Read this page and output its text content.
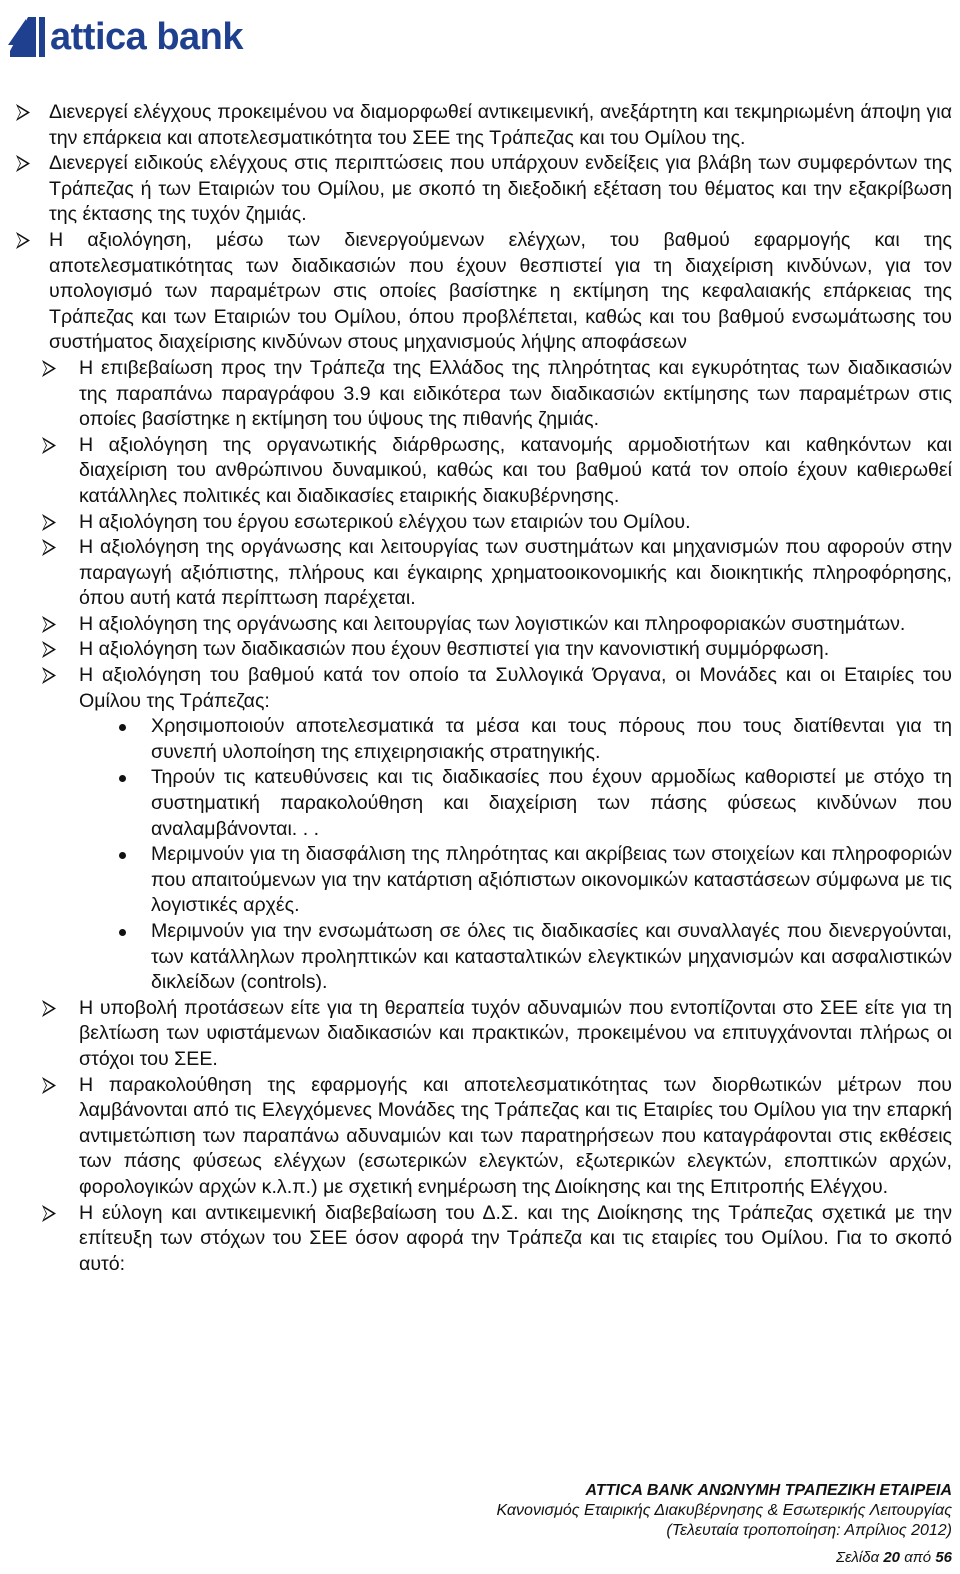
attica bank
Διενεργεί ελέγχους προκειμένου να διαμορφωθεί αντικειμενική, ανεξάρτητη και τεκμηριωμένη άποψη για την επάρκεια και αποτελεσματικότητα του ΣΕΕ της Τράπεζας και του Ομίλου της.
Διενεργεί ειδικούς ελέγχους στις περιπτώσεις που υπάρχουν ενδείξεις για βλάβη των συμφερόντων της Τράπεζας ή των Εταιριών του Ομίλου, με σκοπό τη διεξοδική εξέταση του θέματος και την εξακρίβωση της έκτασης της τυχόν ζημιάς.
Η αξιολόγηση, μέσω των διενεργούμενων ελέγχων, του βαθμού εφαρμογής και της αποτελεσματικότητας των διαδικασιών που έχουν θεσπιστεί για τη διαχείριση κινδύνων, για τον υπολογισμό των παραμέτρων στις οποίες βασίστηκε η εκτίμηση της κεφαλαιακής επάρκειας της Τράπεζας και των Εταιριών του Ομίλου, όπου προβλέπεται, καθώς και του βαθμού ενσωμάτωσης του συστήματος διαχείρισης κινδύνων στους μηχανισμούς λήψης αποφάσεων
Η επιβεβαίωση προς την Τράπεζα της Ελλάδος της πληρότητας και εγκυρότητας των διαδικασιών της παραπάνω παραγράφου 3.9 και ειδικότερα των διαδικασιών εκτίμησης των παραμέτρων στις οποίες βασίστηκε η εκτίμηση του ύψους της πιθανής ζημιάς.
Η αξιολόγηση της οργανωτικής διάρθρωσης, κατανομής αρμοδιοτήτων και καθηκόντων και διαχείριση του ανθρώπινου δυναμικού, καθώς και του βαθμού κατά τον οποίο έχουν καθιερωθεί κατάλληλες πολιτικές και διαδικασίες εταιρικής διακυβέρνησης.
Η αξιολόγηση του έργου εσωτερικού ελέγχου των εταιριών του Ομίλου.
Η αξιολόγηση της οργάνωσης και λειτουργίας των συστημάτων και μηχανισμών που αφορούν στην παραγωγή αξιόπιστης, πλήρους και έγκαιρης χρηματοοικονομικής και διοικητικής πληροφόρησης, όπου αυτή κατά περίπτωση παρέχεται.
Η αξιολόγηση της οργάνωσης και λειτουργίας των λογιστικών και πληροφοριακών συστημάτων.
Η αξιολόγηση των διαδικασιών που έχουν θεσπιστεί για την κανονιστική συμμόρφωση.
Η αξιολόγηση του βαθμού κατά τον οποίο τα Συλλογικά Όργανα, οι Μονάδες και οι Εταιρίες του Ομίλου της Τράπεζας:
Χρησιμοποιούν αποτελεσματικά τα μέσα και τους πόρους που τους διατίθενται για τη συνεπή υλοποίηση της επιχειρησιακής στρατηγικής.
Τηρούν τις κατευθύνσεις και τις διαδικασίες που έχουν αρμοδίως καθοριστεί με στόχο τη συστηματική παρακολούθηση και διαχείριση των πάσης φύσεως κινδύνων που αναλαμβάνονται. . .
Μεριμνούν για τη διασφάλιση της πληρότητας και ακρίβειας των στοιχείων και πληροφοριών που απαιτούμενων για την κατάρτιση αξιόπιστων οικονομικών καταστάσεων σύμφωνα με τις λογιστικές αρχές.
Μεριμνούν για την ενσωμάτωση σε όλες τις διαδικασίες και συναλλαγές που διενεργούνται, των κατάλληλων προληπτικών και κατασταλτικών ελεγκτικών μηχανισμών και ασφαλιστικών δικλείδων (controls).
Η υποβολή προτάσεων είτε για τη θεραπεία τυχόν αδυναμιών που εντοπίζονται στο ΣΕΕ είτε για τη βελτίωση των υφιστάμενων διαδικασιών και πρακτικών, προκειμένου να επιτυγχάνονται πλήρως οι στόχοι του ΣΕΕ.
Η παρακολούθηση της εφαρμογής και αποτελεσματικότητας των διορθωτικών μέτρων που λαμβάνονται από τις Ελεγχόμενες Μονάδες της Τράπεζας και τις Εταιρίες του Ομίλου για την επαρκή αντιμετώπιση των παραπάνω αδυναμιών και των παρατηρήσεων που καταγράφονται στις εκθέσεις των πάσης φύσεως ελέγχων (εσωτερικών ελεγκτών, εξωτερικών ελεγκτών, εποπτικών αρχών, φορολογικών αρχών κ.λ.π.) με σχετική ενημέρωση της Διοίκησης και της Επιτροπής Ελέγχου.
Η εύλογη και αντικειμενική διαβεβαίωση του Δ.Σ. και της Διοίκησης της Τράπεζας σχετικά με την επίτευξη των στόχων του ΣΕΕ όσον αφορά την Τράπεζα και τις εταιρίες του Ομίλου. Για το σκοπό αυτό:
ATTICA BANK ΑΝΩΝΥΜΗ ΤΡΑΠΕΖΙΚΗ ΕΤΑΙΡΕΙΑ
Κανονισμός Εταιρικής Διακυβέρνησης & Εσωτερικής Λειτουργίας
(Τελευταία τροποποίηση: Απρίλιος 2012)
Σελίδα 20 από 56
